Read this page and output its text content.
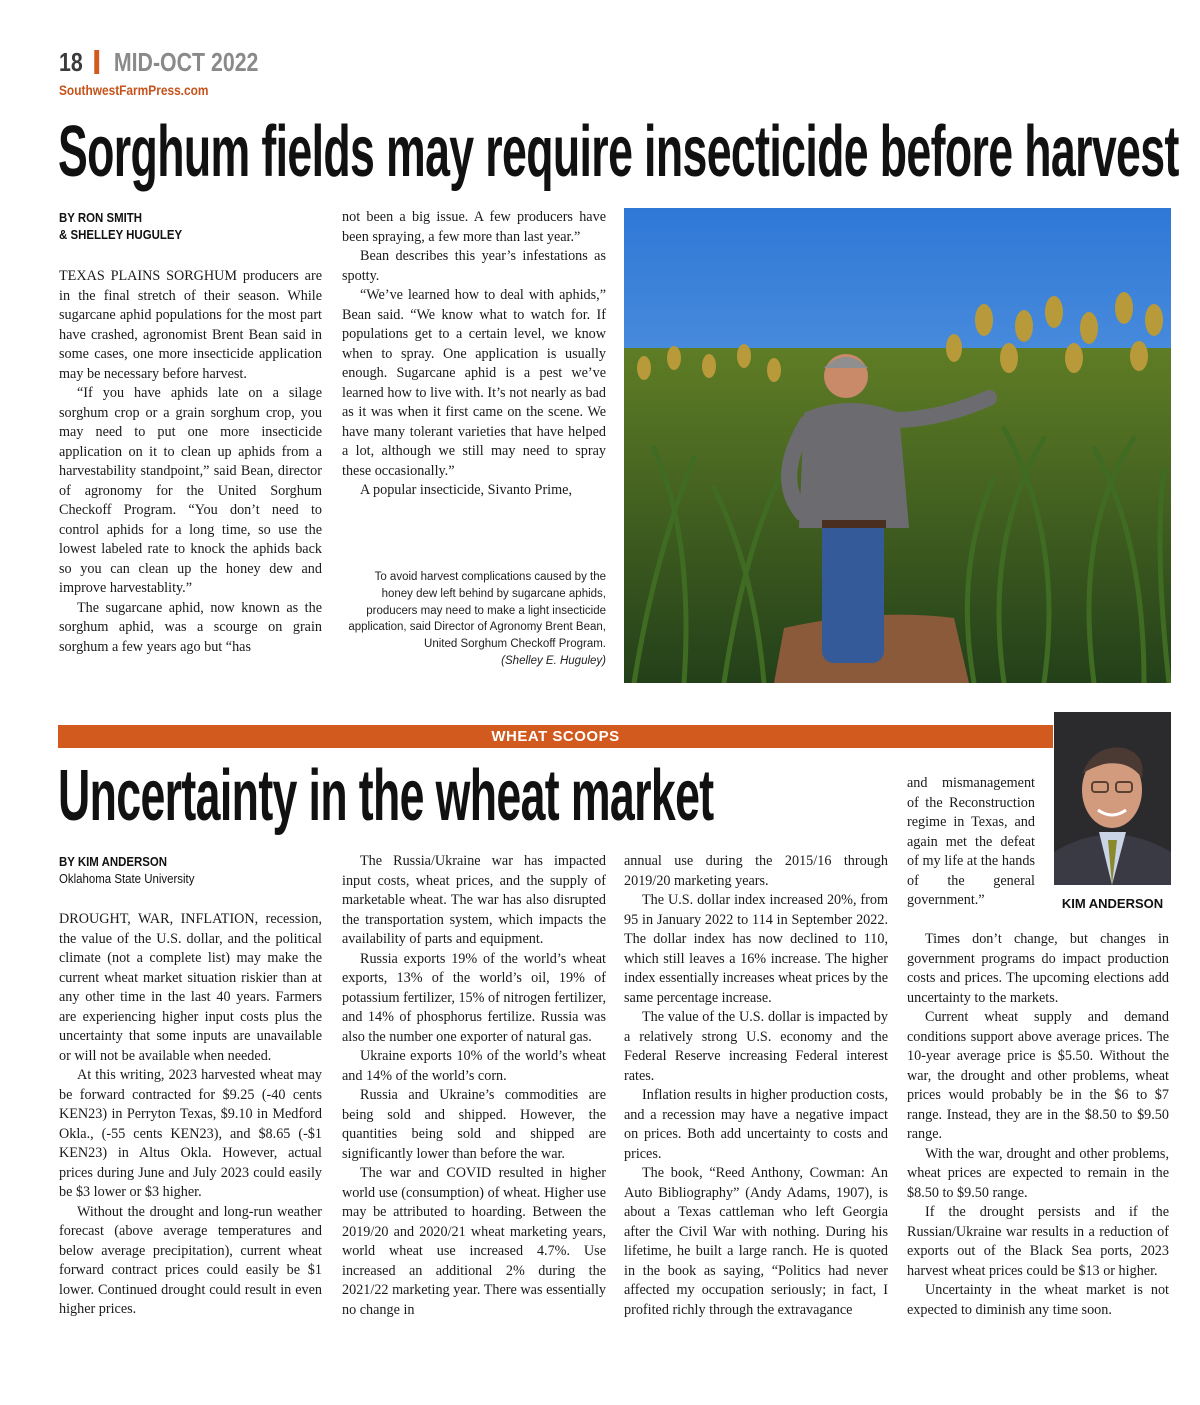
18 MID-OCT 2022
SouthwestFarmPress.com
Sorghum fields may require insecticide before harvest
BY RON SMITH
& SHELLEY HUGULEY

TEXAS PLAINS SORGHUM producers are in the final stretch of their season. While sugarcane aphid populations for the most part have crashed, agronomist Brent Bean said in some cases, one more insecticide application may be necessary before harvest.

“If you have aphids late on a silage sorghum crop or a grain sorghum crop, you may need to put one more insecticide application on it to clean up aphids from a harvestability standpoint,” said Bean, director of agronomy for the United Sorghum Checkoff Program. “You don’t need to control aphids for a long time, so use the lowest labeled rate to knock the aphids back so you can clean up the honey dew and improve harvestablity.”

The sugarcane aphid, now known as the sorghum aphid, was a scourge on grain sorghum a few years ago but “has

not been a big issue. A few producers have been spraying, a few more than last year.”

Bean describes this year’s infestations as spotty.

“We’ve learned how to deal with aphids,” Bean said. “We know what to watch for. If populations get to a certain level, we know when to spray. One application is usually enough. Sugarcane aphid is a pest we’ve learned how to live with. It’s not nearly as bad as it was when it first came on the scene. We have many tolerant varieties that have helped a lot, although we still may need to spray these occasionally.”

A popular insecticide, Sivanto Prime,

To avoid harvest complications caused by the honey dew left behind by sugarcane aphids, producers may need to make a light insecticide application, said Director of Agronomy Brent Bean, United Sorghum Checkoff Program.
(Shelley E. Huguley)
WHEAT SCOOPS
KIM ANDERSON
Uncertainty in the wheat market
BY KIM ANDERSON
Oklahoma State University

DROUGHT, WAR, INFLATION, recession, the value of the U.S. dollar, and the political climate (not a complete list) may make the current wheat market situation riskier than at any other time in the last 40 years. Farmers are experiencing higher input costs plus the uncertainty that some inputs are unavailable or will not be available when needed.

At this writing, 2023 harvested wheat may be forward contracted for $9.25 (-40 cents KEN23) in Perryton Texas, $9.10 in Medford Okla., (-55 cents KEN23), and $8.65 (-$1 KEN23) in Altus Okla. However, actual prices during June and July 2023 could easily be $3 lower or $3 higher.

Without the drought and long-run weather forecast (above average temperatures and below average precipitation), current wheat forward contract prices could easily be $1 lower. Continued drought could result in even higher prices.

The Russia/Ukraine war has impacted input costs, wheat prices, and the supply of marketable wheat. The war has also disrupted the transportation system, which impacts the availability of parts and equipment.

Russia exports 19% of the world’s wheat exports, 13% of the world’s oil, 19% of potassium fertilizer, 15% of nitrogen fertilizer, and 14% of phosphorus fertilize. Russia was also the number one exporter of natural gas.

Ukraine exports 10% of the world’s wheat and 14% of the world’s corn.

Russia and Ukraine’s commodities are being sold and shipped. However, the quantities being sold and shipped are significantly lower than before the war.

The war and COVID resulted in higher world use (consumption) of wheat. Higher use may be attributed to hoarding. Between the 2019/20 and 2020/21 wheat marketing years, world wheat use increased 4.7%. Use increased an additional 2% during the 2021/22 marketing year. There was essentially no change in

annual use during the 2015/16 through 2019/20 marketing years.

The U.S. dollar index increased 20%, from 95 in January 2022 to 114 in September 2022. The dollar index has now declined to 110, which still leaves a 16% increase. The higher index essentially increases wheat prices by the same percentage increase.

The value of the U.S. dollar is impacted by a relatively strong U.S. economy and the Federal Reserve increasing Federal interest rates.

Inflation results in higher production costs, and a recession may have a negative impact on prices. Both add uncertainty to costs and prices.

The book, “Reed Anthony, Cowman: An Auto Bibliography” (Andy Adams, 1907), is about a Texas cattleman who left Georgia after the Civil War with nothing. During his lifetime, he built a large ranch. He is quoted in the book as saying, “Politics had never affected my occupation seriously; in fact, I profited richly through the extravagance

and mismanagement of the Reconstruction regime in Texas, and again met the defeat of my life at the hands of the general government.”

Times don’t change, but changes in government programs do impact production costs and prices. The upcoming elections add uncertainty to the markets.

Current wheat supply and demand conditions support above average prices. The 10-year average price is $5.50. Without the war, the drought and other problems, wheat prices would probably be in the $6 to $7 range. Instead, they are in the $8.50 to $9.50 range.

With the war, drought and other problems, wheat prices are expected to remain in the $8.50 to $9.50 range.

If the drought persists and if the Russian/Ukraine war results in a reduction of exports out of the Black Sea ports, 2023 harvest wheat prices could be $13 or higher.

Uncertainty in the wheat market is not expected to diminish any time soon.
